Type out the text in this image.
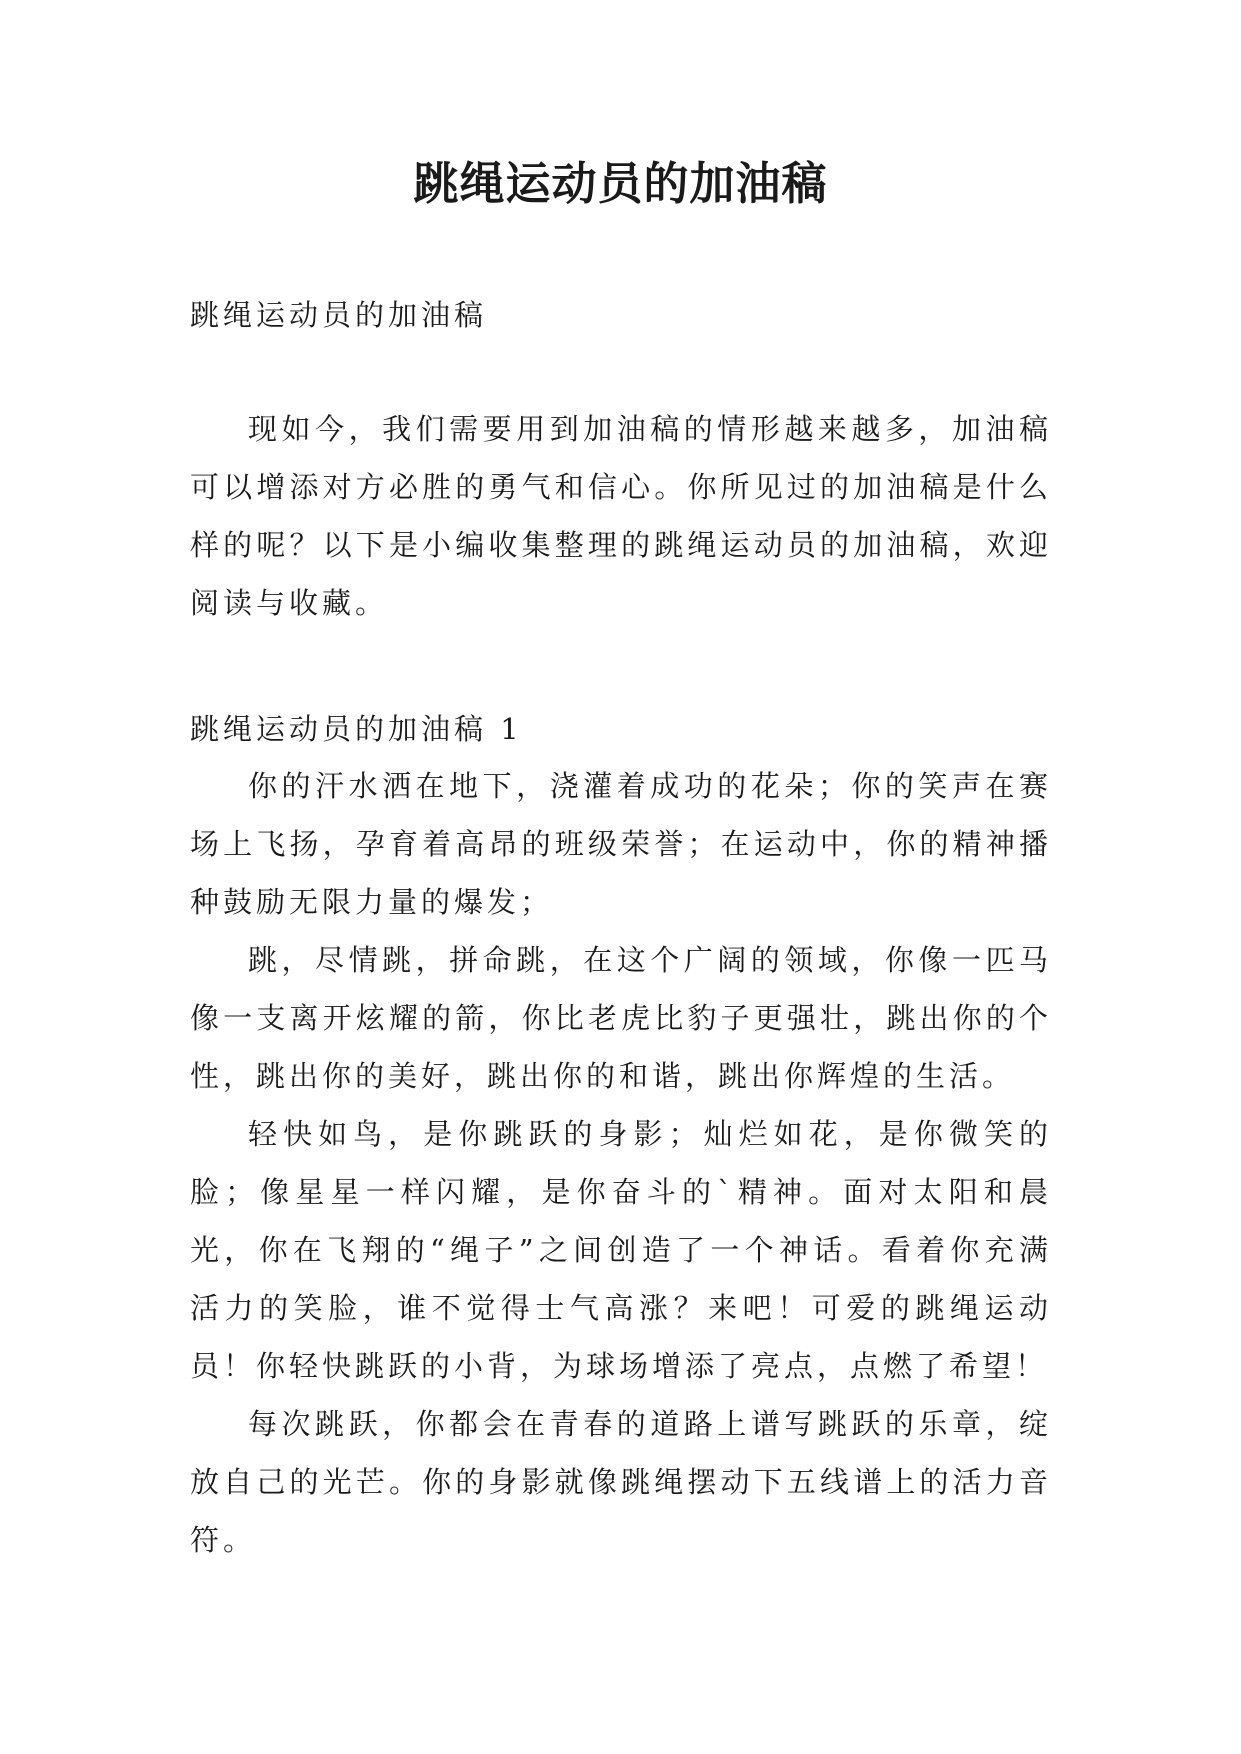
跳绳运动员的加油稿
跳绳运动员的加油稿

现如今，我们需要用到加油稿的情形越来越多，加油稿可以增添对方必胜的勇气和信心。你所见过的加油稿是什么样的呢？以下是小编收集整理的跳绳运动员的加油稿，欢迎阅读与收藏。

跳绳运动员的加油稿 1

你的汗水洒在地下，浇灌着成功的花朵；你的笑声在赛场上飞扬，孕育着高昂的班级荣誉；在运动中，你的精神播种鼓励无限力量的爆发；

跳，尽情跳，拼命跳，在这个广阔的领域，你像一匹马像一支离开炫耀的箭，你比老虎比豹子更强壮，跳出你的个性，跳出你的美好，跳出你的和谐，跳出你辉煌的生活。

轻快如鸟，是你跳跃的身影；灿烂如花，是你微笑的脸；像星星一样闪耀，是你奋斗的`精神。面对太阳和晨光，你在飞翔的“绳子”之间创造了一个神话。看着你充满活力的笑脸，谁不觉得士气高涨？来吧！可爱的跳绳运动员！你轻快跳跃的小背，为球场增添了亮点，点燃了希望！

每次跳跃，你都会在青春的道路上谱写跳跃的乐章，绽放自己的光芒。你的身影就像跳绳摆动下五线谱上的活力音符。
